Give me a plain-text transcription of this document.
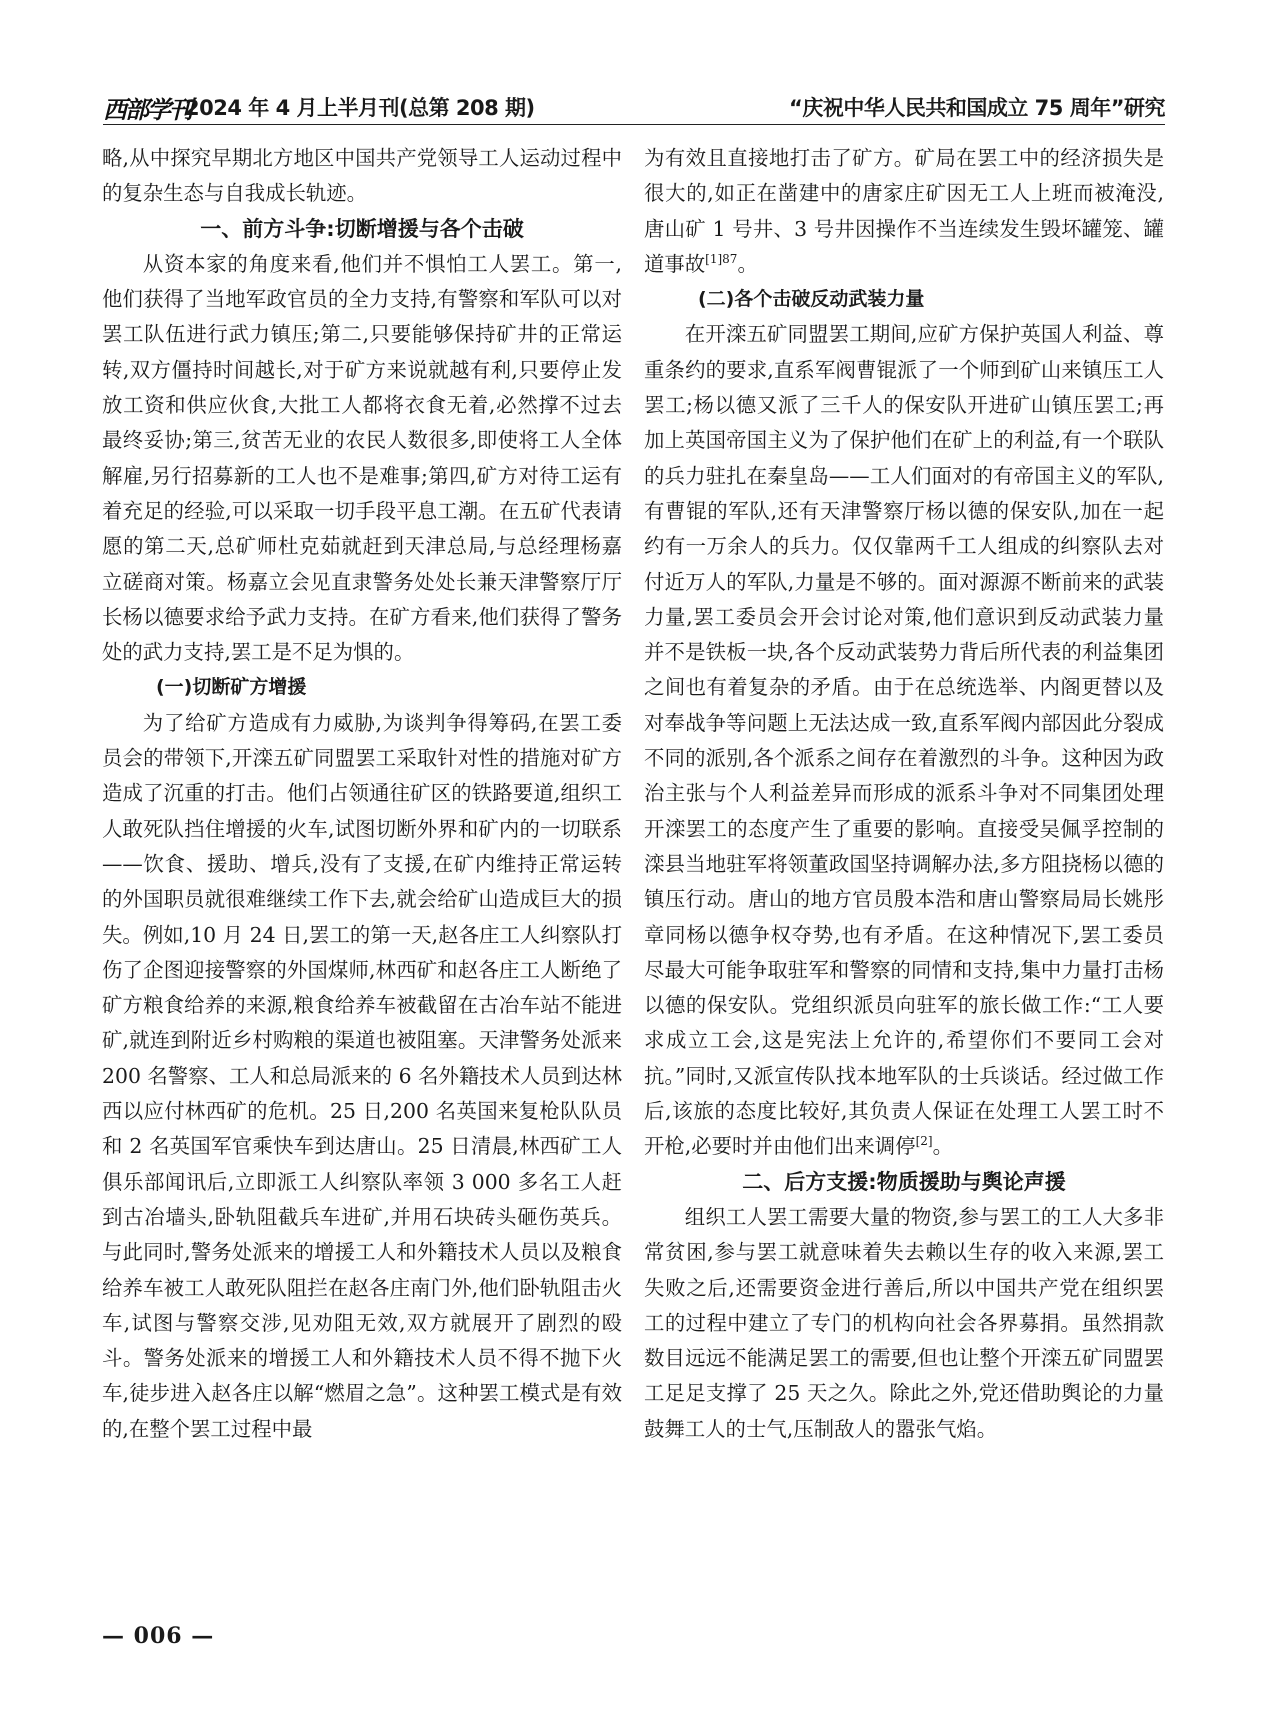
西部学刊
2024 年 4 月上半月刊(总第 208 期)	“庆祝中华人民共和国成立 75 周年”研究

略,从中探究早期北方地区中国共产党领导工人运动过程中的复杂生态与自我成长轨迹。

一、前方斗争:切断增援与各个击破

从资本家的角度来看,他们并不惧怕工人罢工。第一,他们获得了当地军政官员的全力支持,有警察和军队可以对罢工队伍进行武力镇压;第二,只要能够保持矿井的正常运转,双方僵持时间越长,对于矿方来说就越有利,只要停止发放工资和供应伙食,大批工人都将衣食无着,必然撑不过去最终妥协;第三,贫苦无业的农民人数很多,即使将工人全体解雇,另行招募新的工人也不是难事;第四,矿方对待工运有着充足的经验,可以采取一切手段平息工潮。在五矿代表请愿的第二天,总矿师杜克茹就赶到天津总局,与总经理杨嘉立磋商对策。杨嘉立会见直隶警务处处长兼天津警察厅厅长杨以德要求给予武力支持。在矿方看来,他们获得了警务处的武力支持,罢工是不足为惧的。

(一)切断矿方增援

为了给矿方造成有力威胁,为谈判争得筹码,在罢工委员会的带领下,开滦五矿同盟罢工采取针对性的措施对矿方造成了沉重的打击。他们占领通往矿区的铁路要道,组织工人敢死队挡住增援的火车,试图切断外界和矿内的一切联系——饮食、援助、增兵,没有了支援,在矿内维持正常运转的外国职员就很难继续工作下去,就会给矿山造成巨大的损失。例如,10 月 24 日,罢工的第一天,赵各庄工人纠察队打伤了企图迎接警察的外国煤师,林西矿和赵各庄工人断绝了矿方粮食给养的来源,粮食给养车被截留在古冶车站不能进矿,就连到附近乡村购粮的渠道也被阻塞。天津警务处派来 200 名警察、工人和总局派来的 6 名外籍技术人员到达林西以应付林西矿的危机。25 日,200 名英国来复枪队队员和 2 名英国军官乘快车到达唐山。25 日清晨,林西矿工人俱乐部闻讯后,立即派工人纠察队率领 3 000 多名工人赶到古冶墙头,卧轨阻截兵车进矿,并用石块砖头砸伤英兵。与此同时,警务处派来的增援工人和外籍技术人员以及粮食给养车被工人敢死队阻拦在赵各庄南门外,他们卧轨阻击火车,试图与警察交涉,见劝阻无效,双方就展开了剧烈的殴斗。警务处派来的增援工人和外籍技术人员不得不抛下火车,徒步进入赵各庄以解“燃眉之急”。这种罢工模式是有效的,在整个罢工过程中最

为有效且直接地打击了矿方。矿局在罢工中的经济损失是很大的,如正在凿建中的唐家庄矿因无工人上班而被淹没,唐山矿 1 号井、3 号井因操作不当连续发生毁坏罐笼、罐道事故$^{[1]87}$。

(二)各个击破反动武装力量

在开滦五矿同盟罢工期间,应矿方保护英国人利益、尊重条约的要求,直系军阀曹锟派了一个师到矿山来镇压工人罢工;杨以德又派了三千人的保安队开进矿山镇压罢工;再加上英国帝国主义为了保护他们在矿上的利益,有一个联队的兵力驻扎在秦皇岛——工人们面对的有帝国主义的军队,有曹锟的军队,还有天津警察厅杨以德的保安队,加在一起约有一万余人的兵力。仅仅靠两千工人组成的纠察队去对付近万人的军队,力量是不够的。面对源源不断前来的武装力量,罢工委员会开会讨论对策,他们意识到反动武装力量并不是铁板一块,各个反动武装势力背后所代表的利益集团之间也有着复杂的矛盾。由于在总统选举、内阁更替以及对奉战争等问题上无法达成一致,直系军阀内部因此分裂成不同的派别,各个派系之间存在着激烈的斗争。这种因为政治主张与个人利益差异而形成的派系斗争对不同集团处理开滦罢工的态度产生了重要的影响。直接受吴佩孚控制的滦县当地驻军将领董政国坚持调解办法,多方阻挠杨以德的镇压行动。唐山的地方官员殷本浩和唐山警察局局长姚彤章同杨以德争权夺势,也有矛盾。在这种情况下,罢工委员尽最大可能争取驻军和警察的同情和支持,集中力量打击杨以德的保安队。党组织派员向驻军的旅长做工作:“工人要求成立工会,这是宪法上允许的,希望你们不要同工会对抗。”同时,又派宣传队找本地军队的士兵谈话。经过做工作后,该旅的态度比较好,其负责人保证在处理工人罢工时不开枪,必要时并由他们出来调停[2]。

二、后方支援:物质援助与舆论声援

组织工人罢工需要大量的物资,参与罢工的工人大多非常贫困,参与罢工就意味着失去赖以生存的收入来源,罢工失败之后,还需要资金进行善后,所以中国共产党在组织罢工的过程中建立了专门的机构向社会各界募捐。虽然捐款数目远远不能满足罢工的需要,但也让整个开滦五矿同盟罢工足足支撑了 25 天之久。除此之外,党还借助舆论的力量鼓舞工人的士气,压制敌人的嚣张气焰。

— 006 —
